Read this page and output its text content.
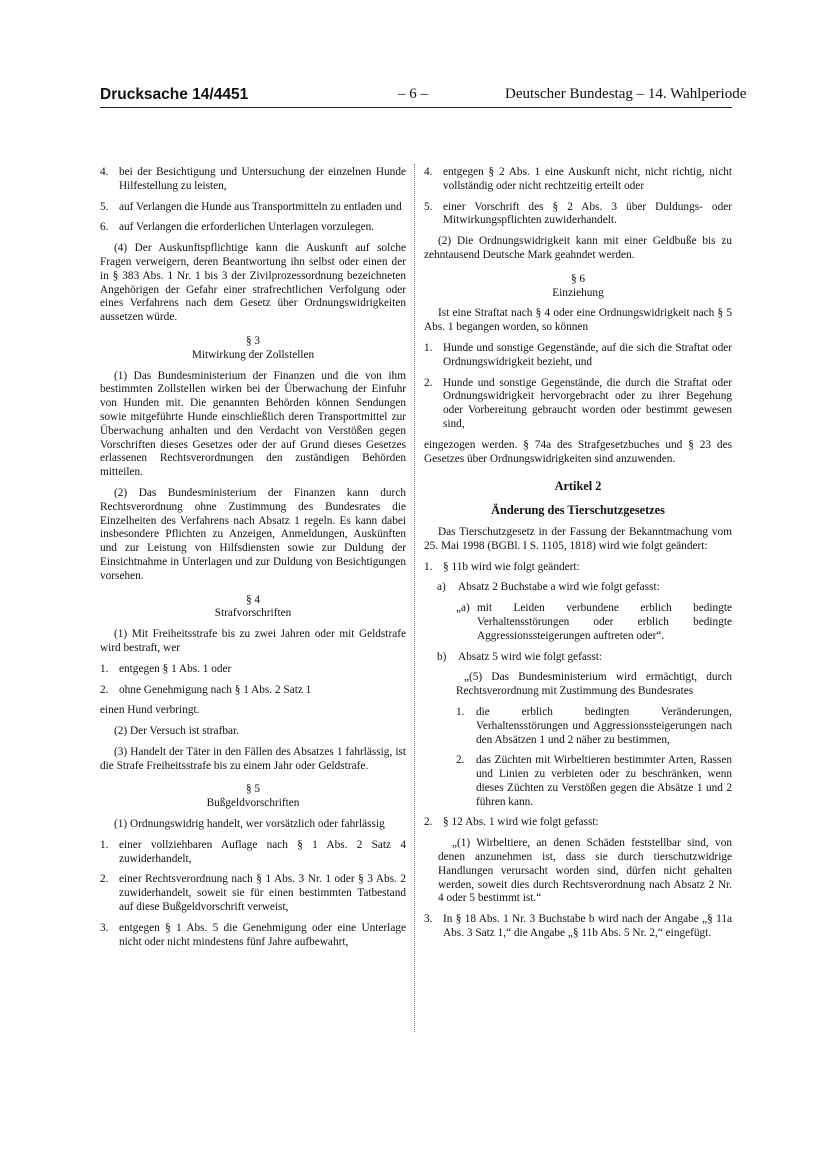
Drucksache 14/4451	– 6 –	Deutscher Bundestag – 14. Wahlperiode
4. bei der Besichtigung und Untersuchung der einzelnen Hunde Hilfestellung zu leisten,
5. auf Verlangen die Hunde aus Transportmitteln zu entladen und
6. auf Verlangen die erforderlichen Unterlagen vorzulegen.

(4) Der Auskunftspflichtige kann die Auskunft auf solche Fragen verweigern, deren Beantwortung ihn selbst oder einen der in § 383 Abs. 1 Nr. 1 bis 3 der Zivilprozessordnung bezeichneten Angehörigen der Gefahr einer strafrechtlichen Verfolgung oder eines Verfahrens nach dem Gesetz über Ordnungswidrigkeiten aussetzen würde.

§ 3
Mitwirkung der Zollstellen

(1) Das Bundesministerium der Finanzen und die von ihm bestimmten Zollstellen wirken bei der Überwachung der Einfuhr von Hunden mit. Die genannten Behörden können Sendungen sowie mitgeführte Hunde einschließlich deren Transportmittel zur Überwachung anhalten und den Verdacht von Verstößen gegen Vorschriften dieses Gesetzes oder der auf Grund dieses Gesetzes erlassenen Rechtsverordnungen den zuständigen Behörden mitteilen.

(2) Das Bundesministerium der Finanzen kann durch Rechtsverordnung ohne Zustimmung des Bundesrates die Einzelheiten des Verfahrens nach Absatz 1 regeln. Es kann dabei insbesondere Pflichten zu Anzeigen, Anmeldungen, Auskünften und zur Leistung von Hilfsdiensten sowie zur Duldung der Einsichtnahme in Unterlagen und zur Duldung von Besichtigungen vorsehen.

§ 4
Strafvorschriften

(1) Mit Freiheitsstrafe bis zu zwei Jahren oder mit Geldstrafe wird bestraft, wer

1. entgegen § 1 Abs. 1 oder
2. ohne Genehmigung nach § 1 Abs. 2 Satz 1

einen Hund verbringt.

(2) Der Versuch ist strafbar.

(3) Handelt der Täter in den Fällen des Absatzes 1 fahrlässig, ist die Strafe Freiheitsstrafe bis zu einem Jahr oder Geldstrafe.

§ 5
Bußgeldvorschriften

(1) Ordnungswidrig handelt, wer vorsätzlich oder fahrlässig

1. einer vollziehbaren Auflage nach § 1 Abs. 2 Satz 4 zuwiderhandelt,
2. einer Rechtsverordnung nach § 1 Abs. 3 Nr. 1 oder § 3 Abs. 2 zuwiderhandelt, soweit sie für einen bestimmten Tatbestand auf diese Bußgeldvorschrift verweist,
3. entgegen § 1 Abs. 5 die Genehmigung oder eine Unterlage nicht oder nicht mindestens fünf Jahre aufbewahrt,
4. entgegen § 2 Abs. 1 eine Auskunft nicht, nicht richtig, nicht vollständig oder nicht rechtzeitig erteilt oder
5. einer Vorschrift des § 2 Abs. 3 über Duldungs- oder Mitwirkungspflichten zuwiderhandelt.

(2) Die Ordnungswidrigkeit kann mit einer Geldbuße bis zu zehntausend Deutsche Mark geahndet werden.

§ 6
Einziehung

Ist eine Straftat nach § 4 oder eine Ordnungswidrigkeit nach § 5 Abs. 1 begangen worden, so können

1. Hunde und sonstige Gegenstände, auf die sich die Straftat oder Ordnungswidrigkeit bezieht, und
2. Hunde und sonstige Gegenstände, die durch die Straftat oder Ordnungswidrigkeit hervorgebracht oder zu ihrer Begehung oder Vorbereitung gebraucht worden oder bestimmt gewesen sind,

eingezogen werden. § 74a des Strafgesetzbuches und § 23 des Gesetzes über Ordnungswidrigkeiten sind anzuwenden.

Artikel 2
Änderung des Tierschutzgesetzes

Das Tierschutzgesetz in der Fassung der Bekanntmachung vom 25. Mai 1998 (BGBl. I S. 1105, 1818) wird wie folgt geändert:

1. § 11b wird wie folgt geändert:
a)	Absatz 2 Buchstabe a wird wie folgt gefasst:
„a) mit Leiden verbundene erblich bedingte Verhaltensstörungen oder erblich bedingte Aggressionssteigerungen auftreten oder“.
b)	Absatz 5 wird wie folgt gefasst:

„(5) Das Bundesministerium wird ermächtigt, durch Rechtsverordnung mit Zustimmung des Bundesrates

1.	die erblich bedingten Veränderungen, Verhaltensstörungen und Aggressionssteigerungen nach den Absätzen 1 und 2 näher zu bestimmen,
2.	das Züchten mit Wirbeltieren bestimmter Arten, Rassen und Linien zu verbieten oder zu beschränken, wenn dieses Züchten zu Verstößen gegen die Absätze 1 und 2 führen kann.
2. § 12 Abs. 1 wird wie folgt gefasst:

„(1) Wirbeltiere, an denen Schäden feststellbar sind, von denen anzunehmen ist, dass sie durch tierschutzwidrige Handlungen verursacht worden sind, dürfen nicht gehalten werden, soweit dies durch Rechtsverordnung nach Absatz 2 Nr. 4 oder 5 bestimmt ist.“

3. In § 18 Abs. 1 Nr. 3 Buchstabe b wird nach der Angabe „§ 11a Abs. 3 Satz 1,“ die Angabe „§ 11b Abs. 5 Nr. 2,“ eingefügt.
